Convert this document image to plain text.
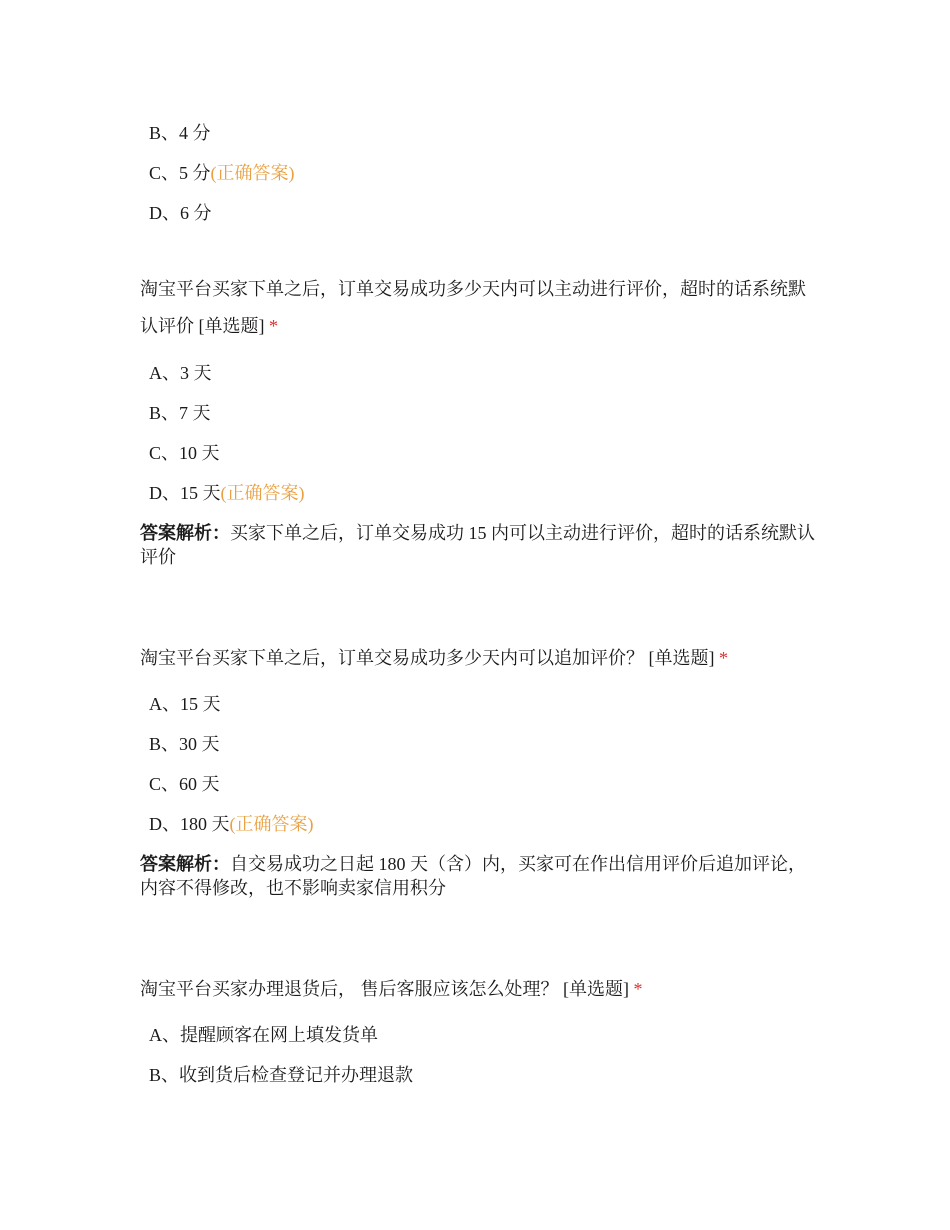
B、4 分
C、5 分(正确答案)
D、6 分
淘宝平台买家下单之后，订单交易成功多少天内可以主动进行评价，超时的话系统默认评价 [单选题] *
A、3 天
B、7 天
C、10 天
D、15 天(正确答案)
答案解析：买家下单之后，订单交易成功 15 内可以主动进行评价，超时的话系统默认评价
淘宝平台买家下单之后，订单交易成功多少天内可以追加评价？ [单选题] *
A、15 天
B、30 天
C、60 天
D、180 天(正确答案)
答案解析：自交易成功之日起 180 天（含）内，买家可在作出信用评价后追加评论，内容不得修改，也不影响卖家信用积分
淘宝平台买家办理退货后， 售后客服应该怎么处理？ [单选题] *
A、提醒顾客在网上填发货单
B、收到货后检查登记并办理退款
